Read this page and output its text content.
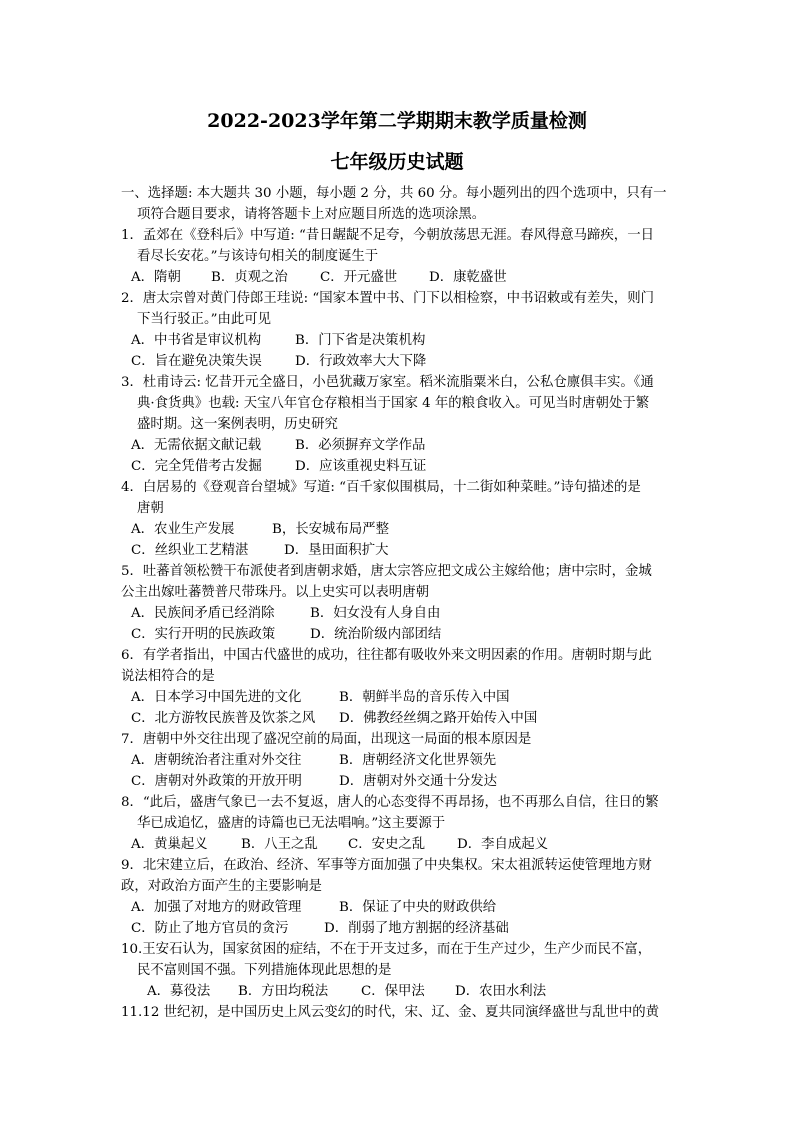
2022-2023学年第二学期期末教学质量检测
七年级历史试题
一、选择题: 本大题共 30 小题，每小题 2 分，共 60 分。每小题列出的四个选项中，只有一
项符合题目要求，请将答题卡上对应题目所选的选项涂黑。
1．孟郊在《登科后》中写道: “昔日龌龊不足夸，今朝放荡思无涯。春风得意马蹄疾，一日
看尽长安花。”与该诗句相关的制度诞生于
A．隋朝 B．贞观之治 C．开元盛世 D．康乾盛世
2．唐太宗曾对黄门侍郎王珪说: “国家本置中书、门下以相检察，中书诏敕或有差失，则门
下当行驳正。”由此可见
A．中书省是审议机构	B．门下省是决策机构
C．旨在避免决策失误 D．行政效率大大下降
3．杜甫诗云: 忆昔开元全盛日，小邑犹藏万家室。稻米流脂粟米白，公私仓廪俱丰实。《通
典·食货典》也载: 天宝八年官仓存粮相当于国家 4 年的粮食收入。可见当时唐朝处于繁
盛时期。这一案例表明，历史研究
A．无需依据文献记载	B．必须摒弃文学作品
C．完全凭借考古发掘 D．应该重视史料互证
4．白居易的《登观音台望城》写道: “百千家似围棋局，十二街如种菜畦。”诗句描述的是
唐朝
A．农业生产发展	B，长安城布局严整
C．丝织业工艺精湛	D．垦田面积扩大
5．吐蕃首领松赞干布派使者到唐朝求婚，唐太宗答应把文成公主嫁给他；唐中宗时，金城
公主出嫁吐蕃赞普尺带珠丹。以上史实可以表明唐朝
A．民族间矛盾已经消除	B．妇女没有人身自由
C．实行开明的民族政策	D．统治阶级内部团结
6．有学者指出，中国古代盛世的成功，往往都有吸收外来文明因素的作用。唐朝时期与此
说法相符合的是
A．日本学习中国先进的文化	B．朝鲜半岛的音乐传入中国
C．北方游牧民族普及饮茶之风 D．佛教经丝绸之路开始传入中国
7．唐朝中外交往出现了盛况空前的局面，出现这一局面的根本原因是
A．唐朝统治者注重对外交往	B．唐朝经济文化世界领先
C．唐朝对外政策的开放开明	D．唐朝对外交通十分发达
8．“此后，盛唐气象已一去不复返，唐人的心态变得不再昂扬，也不再那么自信，往日的繁
华已成追忆，盛唐的诗篇也已无法唱响。”这主要源于
A．黄巢起义 B．八王之乱 C．安史之乱 D．李自成起义
9．北宋建立后，在政治、经济、军事等方面加强了中央集权。宋太祖派转运使管理地方财
政，对政治方面产生的主要影响是
A．加强了对地方的财政管理	B．保证了中央的财政供给
C．防止了地方官员的贪污	D．削弱了地方割据的经济基础
10.王安石认为，国家贫困的症结，不在于开支过多，而在于生产过少，生产少而民不富，
民不富则国不强。下列措施体现此思想的是
A．募役法 B．方田均税法 C．保甲法 D．农田水利法
11.12 世纪初，是中国历史上风云变幻的时代，宋、辽、金、夏共同演绎盛世与乱世中的黄
